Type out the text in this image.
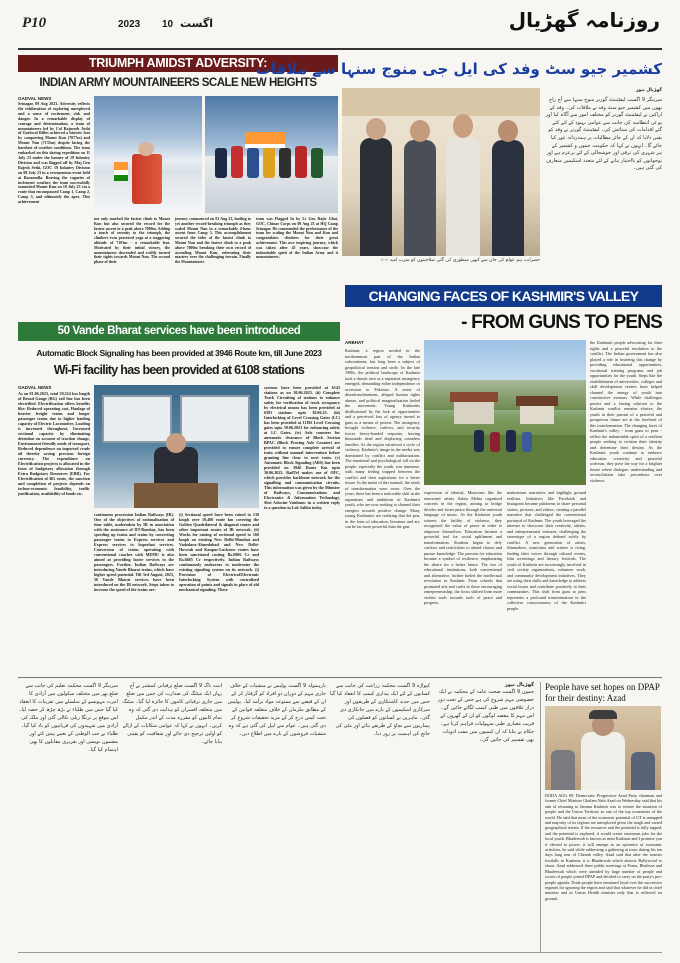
P10	2023 10 اگست	روزنامہ گھڑیال
TRIUMPH AMIDST ADVERSITY:
INDIAN ARMY MOUNTAINEERS SCALE NEW HEIGHTS
GADVAL NEWS
Srinagar, 09 Aug 2023. Adversity reflects the exhilaration of exploring unexplored and a sense of excitement, risk and danger. In a remarkable display of courage and determination, a team of mountaineers led by Col Rajneesh Joshi of Garhwal Rifles achieved a historic feat by conquering Mount Kun (7077m) and Mount Nun (7135m) despite facing the harshest of weather conditions. The team embarked on this daring expedition on 11 July 23 under the banner of 19 Infantry Division and was flagged off by Maj Gen Rajesh Sethi, GOC 19 Infantry Division on 08 July 23 in a ceremonious event held at Baramulla. Braving the vagaries of inclement weather, the team successfully summited Mount Kun on 18 July 23 via a route that encompassed Camp 1, Camp 2, Camp 3, and ultimately the apex. This achievement
not only marked the fastest climb to Mount Kun but also secured the record for the fastest ascent to a peak above 7000m. Adding a touch of serenity to the triumph, the climbers even practiced yoga at a staggering altitude of 7103m - a remarkable feat. Motivated by their initial victory, the mountaineers descended and swiftly turned their sights towards Mount Nun. The second phase of their
journey commenced on 01 Aug 23, leading to yet another record-breaking triumph as they scaled Mount Nun in a remarkable 4-hour ascent from Camp 3. This accomplishment secured the titles of the fastest climb to Mount Nun and the fastest climb to a peak above 7000m breaking their own record of ascending Mount Kun, reiterating their mastery over the challenging terrain. Finally the Mountaineers
team was Flagged In by Lt Gen Rajiv Ghai, GOC, Chinar Corps on 09 Aug 23 at HQ Camp Srinagar. He commended the performance of the team for scaling the Mount Nun and Kun and congratulates climbers for their great achievement. This awe inspiring journey, which was taken after 45 years, showcase the indomitable spirit of the Indian Army and it mountaineers.
کشمیر جیو سٹ وفد کی ایل جی منوج سنہا سے ملاقات
حضرات، ہم عوام کی جان سے کبھی منظوری کی گئی صلاحیتوں کو ضرب امید ☆☆
گھڑیال نیوز
سرینگر 9 اگست لیفٹیننٹ گورنر منوج سنہا سے آج راج بھون میں کشمیر جیو سٹ وفد نے ملاقات کی۔ وفد کے اراکین نے لیفٹیننٹ گورنر کو مختلف امور سے آگاہ کیا اور یو ٹی انتظامیہ کی جانب سے عوامی بہبود کے لئے کئے گئے اقدامات کی ستائش کی۔ لیفٹیننٹ گورنر نے وفد کو یقین دلایا کہ ان کے جائز مطالبات پر ہمدردانہ غور کیا جائے گا۔ انہوں نے کہا کہ حکومت جموں و کشمیر کے ہر شہری کی ترقی اور خوشحالی کے لئے پرعزم ہے اور نوجوانوں کو بااختیار بنانے کے لئے متعدد اسکیمیں متعارف کی گئی ہیں۔
CHANGING FACES OF KASHMIR'S VALLEY
- FROM GUNS TO PENS
50 Vande Bharat services have been introduced
Automatic Block Signaling has been provided at 3946 Route km, till June 2023
Wi-Fi facility has been provided at 6108 stations
GADVAL NEWS
As on 01.06.2023, total 59,524 km length of Broad Gauge (BG) rail line has been electrified. Electrification offers benefits like: Reduced operating cost, Haulage of heavier freight trains and longer passenger trains due to higher hauling capacity of Electric Locomotive, Loading is increased throughout, Increased sectional capacity by eliminating detention on account of traction change, Environment friendly mode of transport, Reduced dependence on imported crude oil thereby saving precious foreign currency. The expenditure on Electrification projects is allocated in the form of budgetary allocation through Extra Budgetary Resources (EBR). For Electrification of BG route, the sanction and completion of projects depends on techno-economic feasibility, traffic justification, availability of funds etc.
continuous procession Indian Railways (IR). One of the objectives of rationalization of time table, undertaken by IR in association with the assistance of IIT-Bombay, has been speeding up trains and trains by converting passenger trains to Express services and Express services to Superfast services. Conversion of trains operating with conventional coaches with MEMU is also aimed at providing faster services to the passengers. Further, Indian Railways are introducing Vande Bharat trains, which have higher speed potential. Till 3rd August, 2023, 50 Vande Bharat services have been introduced on the IR network. Steps taken to increase the speed of the trains are:
(i) Sectional speed have been raised to 130 kmph over 10,400 route km covering the Golden Quadrilateral & diagonal routes and other important routes of IR network. (ii) Works for raising of sectional speed to 160 kmph on existing New Delhi-Mumbai and Vadodara-Ahmedabad and New Delhi-Howrah and Kanpur-Lucknow routes have been sanctioned costing Rs.6806 Cr and Rs.6685 Cr respectively. Indian Railways continuously endeavors to modernize the existing signaling system on its network. (i) Provision of Electrical/Electronic Interlocking System with centralized operation of points and signals in place of old mechanical signaling. These
systems have been provided at 6143 stations as on 30.06.2023. (ii) Complete Track Circuiting of stations to enhance safety for verification of track occupancy by electrical means has been provided at 6381 stations upto 30.06.23. (iii) Interlocking of Level Crossing Gates (LC) has been provided at 11192 Level Crossing gates upto 30.06.2023 for enhancing safety at LC Gates. (iv) Axle counters for automatic clearance of Block Section BPAC (Block Proving Axle Counter) are provided to ensure complete arrival of train without manual intervention before granting line clear to next train. (v) Automatic Block Signaling (ABS) has been provided on 3946 Route Km upto 30.06.2023. RailTel makes use of OFC, which provides backbone network for the signalling and communication circuits. This information was given by the Minister of Railways, Communications and Electronics & Information Technology, Shri Ashwini Vaishnaw in a written reply to a question in Lok Sabha today.
ARBHAT
Kashmir, a region nestled in the northernmost part of the Indian subcontinent, has long been a subject of geopolitical tension and strife. In the late 1980s, the political landscape of Kashmir took a drastic turn as a separatist insurgency emerged, demanding either independence or accession to Pakistan. A sense of disenfranchisement, alleged human rights abuses, and political marginalization fueled the movement. Young Kashmiris disillusioned by the lack of opportunities and a perceived loss of agency turned to guns as a means of protest. The insurgency brought violence, curfews, and security forces heavy-handed response, leaving thousands dead and displacing countless families. As the region witnessed a cycle of violence, Kashmir's image in the media was dominated by conflict and militarization. The emotional and psychological toll on the people, especially the youth, was immense, with many feeling trapped between the conflict and their aspirations for a better future. In the midst of this turmoil, the seeds of transformation were sown. Over the years, there has been a noticeable shift in the aspirations and ambitions of Kashmiri youth, who are now seeking to channel their energies towards positive change. Many young Kashmiris are realizing that the pen, in the form of education, literature and art, can be far more powerful than the gun.
expression of identity. Musicians like the renowned artists Zubin Mehta organized concerts in the region, aiming to bridge divides and foster peace through the universal language of music. As the Kashmiri youth witness the futility of violence, they recognized the value of peace in order to empower themselves. Education became a powerful tool for social upliftment and transformation. Students began to defy curfews and restrictions to attend classes and pursue knowledge. The passion for education became a symbol of resilience, emphasizing the desire for a better future. The rise of educational institutions, both conventional and alternative, further fueled the intellectual revolution in Kashmir. From schools that promoted arts and crafts to those encouraging entrepreneurship, the focus shifted from more violent tools towards tools of peace and progress.
mainstream narratives and highlight ground realities. Initiatives like Facebook and Instagram became platforms to share personal stories, pictures, and videos, creating a parallel narrative that challenged the conventional portrayal of Kashmir. The youth leveraged the internet to showcase their creativity, talents, and entrepreneurial ventures, challenging the stereotype of a region defined solely by conflict. A new generation of artists, filmmakers, musicians and writers is rising, finding their voices through cultural events, film screenings and literary festivals. The youth of Kashmir are increasingly involved in civil society organizations, volunteer work, and community development initiatives. They are using their skills and knowledge to address social issues and contribute positively to their communities. This shift from guns to pens represents a profound transformation in the collective consciousness of the Kashmiri people.
the Kashmiri people advocating for their rights and a peaceful resolution to the conflict. The Indian government has also played a role in fostering this change by providing educational opportunities, vocational training programs and job opportunities for the youth. Steps like the establishment of universities, colleges and skill development centres have helped channel the energy of youth into constructive avenues. While challenges persist and a lasting solution to the Kashmir conflict remains elusive, the youth in their pursuit of a peaceful and prosperous future are at the forefront of this transformation. The changing faces of Kashmir's valley - from guns to pens - reflect the indomitable spirit of a resilient people seeking to reclaim their identity and determine their destiny. As the Kashmiri youth continue to embrace education, creativity and peaceful activism, they pave the way for a brighter future where dialogue, understanding and reconciliation take precedence over violence.
سرینگر 9 اگست محکمہ تعلیم کی جانب سے ضلع بھر میں مختلف سکولوں میں آزادی کا امرت مہوتسو کے سلسلے میں تقریبات کا انعقاد کیا گیا جس میں طلباء نے بڑھ چڑھ کر حصہ لیا۔ اس موقع پر ترنگا ریلی نکالی گئی اور ملک کی آزادی میں شہیدوں کی قربانیوں کو یاد کیا گیا۔ طلباء نے حب الوطنی کے نغمے پیش کئے اور مضمون نویسی اور تقریری مقابلوں کا بھی اہتمام کیا گیا۔
اننت ناگ 9 اگست ضلع ترقیاتی کمشنر نے آج یہاں ایک میٹنگ کی صدارت کی جس میں ضلع میں جاری ترقیاتی کاموں کا جائزہ لیا گیا۔ میٹنگ میں متعلقہ افسران کو ہدایت دی گئی کہ وہ تمام کاموں کو مقررہ مدت کے اندر مکمل کریں۔ انہوں نے کہا کہ عوامی شکایات کے ازالے کو اولین ترجیح دی جائے اور شفافیت کو یقینی بنایا جائے۔
بارہمولہ 9 اگست پولیس نے منشیات کے خلاف جاری مہم کے دوران دو افراد کو گرفتار کر کے ان کے قبضے سے ممنوعہ مواد برآمد کیا۔ پولیس کے مطابق ملزمان کے خلاف متعلقہ قوانین کے تحت کیس درج کر کے مزید تحقیقات شروع کر دی گئی ہیں۔ عوام سے اپیل کی گئی ہے کہ وہ منشیات فروشوں کے بارے میں اطلاع دیں۔
کپواڑہ 9 اگست محکمہ زراعت کی جانب سے کسانوں کے لئے ایک بیداری کیمپ کا انعقاد کیا گیا جس میں جدید کاشتکاری کے طریقوں اور سرکاری اسکیموں کے بارے میں جانکاری دی گئی۔ ماہرین نے کسانوں کو فصلوں کی بیماریوں سے بچاؤ کے طریقے بتائے اور مٹی کی جانچ کی اہمیت پر زور دیا۔
گھڑیال نیوز
جموں 9 اگست صحت عامہ کے محکمہ نے ایک خصوصی مہم شروع کی ہے جس کے تحت دور دراز علاقوں میں طبی کیمپ لگائے جائیں گے۔ اس مہم کا مقصد لوگوں کو ان کے گھروں کے قریب معیاری طبی سہولیات فراہم کرنا ہے۔ حکام نے بتایا کہ ان کیمپوں میں مفت ادویات بھی تقسیم کی جائیں گی۔
People have set hopes on DPAP for their destiny: Azad
DODA AUG 09: Democratic Progressive Azad Party chairman and former Chief Minister Ghulam Nabi Azad on Wednesday said that his aim of returning to Jammu Kashmir was to restore the situation of people and the Union Territory as one of the top economies of the world. He said that most of the economic potential of UT is untapped and majority of its regions are unexplored given the tough and varied geographical terrain. If the resources and the potential is fully tapped, and the potential is explored, it would create enormous jobs for the local youth. Bhaderwah is known as mini Kashmir and I promise you if elected to power, it will emerge as an epicentre of economic activities, he said while addressing a gathering at town during his ten days long tour of Chenab valley. Azad said that after the tourists footfalls in Kashmir, it is Bhaderwah which attracts Bollywood to shoot. Azad addressed three public meetings at Pranu, Bhalessa and Bhaderwah which were attended by large number of people and scores of people joined DPAP and decided to carry on the party's pro-people agenda. Doda people have remained loyal over the successive regimes for ignoring the region and said that whatever he did as chief minister and as Union Health minister only that is reflected on ground.
